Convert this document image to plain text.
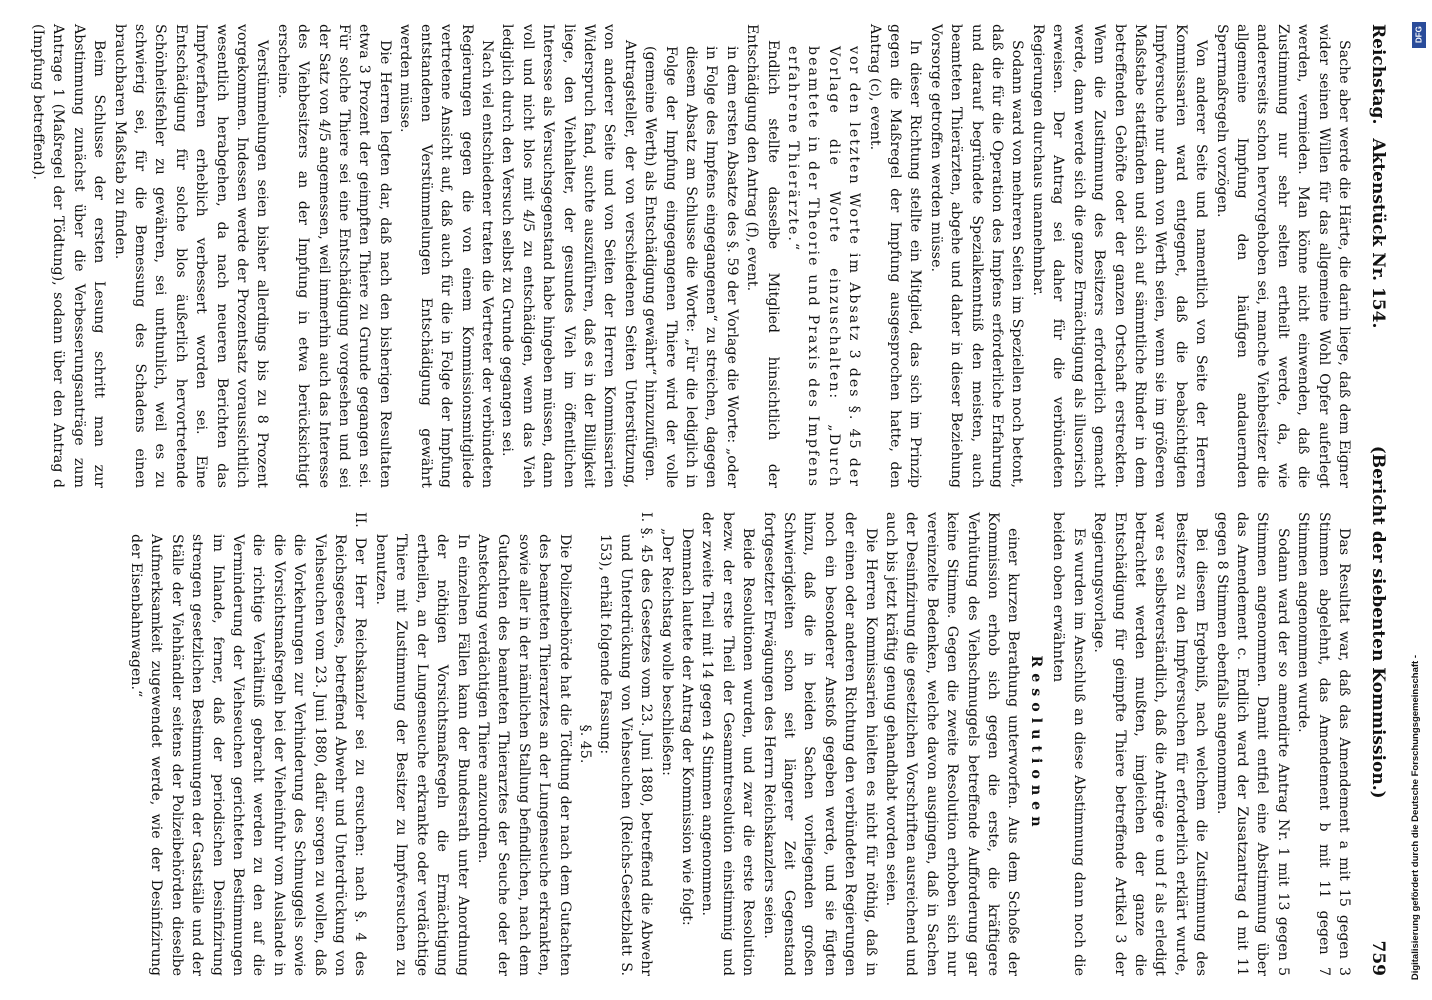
Reichstag.
Aktenstück Nr. 154.
(Bericht der siebenten Kommission.)
759

Sache aber werde die Härte, die darin liege, daß dem Eigner wider seinen Willen für das allgemeine Wohl Opfer auferlegt werden, vermieden. Man könne nicht einwenden, daß die Zustimmung nur sehr selten ertheilt werde, da, wie andererseits schon hervorgehoben sei, manche Viehbesitzer die allgemeine Impfung den häufigen andauernden Sperrmaßregeln vorzögen.

Von anderer Seite und namentlich von Seite der Herren Kommissarien ward entgegnet, daß die beabsichtigten Impfversuche nur dann von Werth seien, wenn sie im größeren Maßstabe stattfänden und sich auf sämmtliche Rinder in dem betreffenden Gehöfte oder der ganzen Ortschaft erstreckten. Wenn die Zustimmung des Besitzers erforderlich gemacht werde, dann werde sich die ganze Ermächtigung als illusorisch erweisen. Der Antrag sei daher für die verbündeten Regierungen durchaus unannehmbar.

Sodann ward von mehreren Seiten im Speziellen noch betont, daß die für die Operation des Impfens erforderliche Erfahrung und darauf begründete Spezialkenntniß den meisten, auch beamteten Thierärzten, abgehe und daher in dieser Beziehung Vorsorge getroffen werden müsse.

In dieser Richtung stellte ein Mitglied, das sich im Prinzip gegen die Maßregel der Impfung ausgesprochen hatte, den Antrag (c), event.

vor den letzten Worte im Absatz 3 des §. 45 der Vorlage die Worte einzuschalten: „Durch beamtete in der Theorie und Praxis des Impfens erfahrene Thierärzte.“

Endlich stellte dasselbe Mitglied hinsichtlich der Entschädigung den Antrag (f), event.

in dem ersten Absatze des §. 59 der Vorlage die Worte: „oder in Folge des Impfens eingegangenen“ zu streichen, dagegen diesem Absatz am Schlusse die Worte: „Für die lediglich in Folge der Impfung eingegangenen Thiere wird der volle (gemeine Werth) als Entschädigung gewährt“ hinzuzufügen.

Antragsteller, der von verschiedenen Seiten Unterstützung, von anderer Seite und von Seiten der Herren Kommissarien Widerspruch fand, suchte auszuführen, daß es in der Billigkeit liege, den Viehhalter, der gesundes Vieh im öffentlichen Interesse als Versuchsgegenstand habe hingeben müssen, dann voll und nicht blos mit 4/5 zu entschädigen, wenn das Vieh lediglich durch den Versuch selbst zu Grunde gegangen sei.

Nach viel entschiedener traten die Vertreter der verbündeten Regierungen gegen die von einem Kommissionsmitgliede vertretene Ansicht auf, daß auch für die in Folge der Impfung entstandenen Verstümmelungen Entschädigung gewährt werden müsse.

Die Herren legten dar, daß nach den bisherigen Resultaten etwa 3 Prozent der geimpften Thiere zu Grunde gegangen sei. Für solche Thiere sei eine Entschädigung vorgesehen und sei der Satz von 4/5 angemessen, weil immerhin auch das Interesse des Viehbesitzers an der Impfung in etwa berücksichtigt erscheine.

Verstümmelungen seien bisher allerdings bis zu 8 Prozent vorgekommen. Indessen werde der Prozentsatz voraussichtlich wesentlich herabgehen, da nach neueren Berichten das Impfverfahren erheblich verbessert worden sei. Eine Entschädigung für solche blos äußerlich hervortretende Schönheitsfehler zu gewähren, sei unthunlich, weil es zu schwierig sei, für die Bemessung des Schadens einen brauchbaren Maßstab zu finden.

Beim Schlusse der ersten Lesung schritt man zur Abstimmung zunächst über die Verbesserungsanträge zum Antrage 1 (Maßregel der Tödtung), sodann über den Antrag d (Impfung betreffend).

Das Resultat war, daß das Amendement a mit 15 gegen 3 Stimmen abgelehnt, das Amendement b mit 11 gegen 7 Stimmen angenommen wurde.

Sodann ward der so amendirte Antrag Nr. 1 mit 13 gegen 5 Stimmen angenommen. Damit entfiel eine Abstimmung über das Amendement c. Endlich ward der Zusatzantrag d mit 11 gegen 8 Stimmen ebenfalls angenommen.

Bei diesem Ergebniß, nach welchem die Zustimmung des Besitzers zu den Impfversuchen für erforderlich erklärt wurde, war es selbstverständlich, daß die Anträge e und f als erledigt betrachtet werden mußten, imgleichen der ganze die Entschädigung für geimpfte Thiere betreffende Artikel 3 der Regierungsvorlage.

Es wurden im Anschluß an diese Abstimmung dann noch die beiden oben erwähnten

Resolutionen

einer kurzen Berathung unterworfen. Aus dem Schoße der Kommission erhob sich gegen die erste, die kräftigere Verhütung des Viehschmuggels betreffende Aufforderung gar keine Stimme. Gegen die zweite Resolution erhoben sich nur vereinzelte Bedenken, welche davon ausgingen, daß in Sachen der Desinfizirung die gesetzlichen Vorschriften ausreichend und auch bis jetzt kräftig genug gehandhabt worden seien.

Die Herren Kommissarien hielten es nicht für nöthig, daß in der einen oder anderen Richtung den verbündeten Regierungen noch ein besonderer Anstoß gegeben werde, und sie fügten hinzu, daß die in beiden Sachen vorliegenden großen Schwierigkeiten schon seit längerer Zeit Gegenstand fortgesetzter Erwägungen des Herrn Reichskanzlers seien.

Beide Resolutionen wurden, und zwar die erste Resolution bezw. der erste Theil der Gesammtresolution einstimmig und der zweite Theil mit 14 gegen 4 Stimmen angenommen.

Demnach lautete der Antrag der Kommission wie folgt:

„Der Reichstag wolle beschließen:

I. §. 45 des Gesetzes vom 23. Juni 1880, betreffend die Abwehr und Unterdrückung von Viehseuchen (Reichs-Gesetzblatt S. 153), erhält folgende Fassung:

§. 45.

Die Polizeibehörde hat die Tödtung der nach dem Gutachten des beamteten Thierarztes an der Lungenseuche erkrankten, sowie aller in der nämlichen Stallung befindlichen, nach dem Gutachten des beamteten Thierarztes der Seuche oder der Ansteckung verdächtigen Thiere anzuordnen.

In einzelnen Fällen kann der Bundesrath unter Anordnung der nöthigen Vorsichtsmaßregeln die Ermächtigung ertheilen, an der Lungenseuche erkrankte oder verdächtige Thiere mit Zustimmung der Besitzer zu Impfversuchen zu benutzen.

II. Der Herr Reichskanzler sei zu ersuchen: nach §. 4 des Reichsgesetzes, betreffend Abwehr und Unterdrückung von Viehseuchen vom 23. Juni 1880, dafür sorgen zu wollen, daß die Vorkehrungen zur Verhinderung des Schmuggels sowie die Vorsichtsmaßregeln bei der Vieheinfuhr vom Auslande in die richtige Verhältniß gebracht werden zu den auf die Verminderung der Viehseuchen gerichteten Bestimmungen im Inlande, ferner, daß der periodischen Desinfizirung strengen gesetzlichen Bestimmungen der Gastställe und der Ställe der Viehhändler seitens der Polizeibehörden dieselbe Aufmerksamkeit zugewendet werde, wie der Desinfizirung der Eisenbahnwagen.“

DFG
Digitalisierung gefördert durch die Deutsche Forschungsgemeinschaft -
